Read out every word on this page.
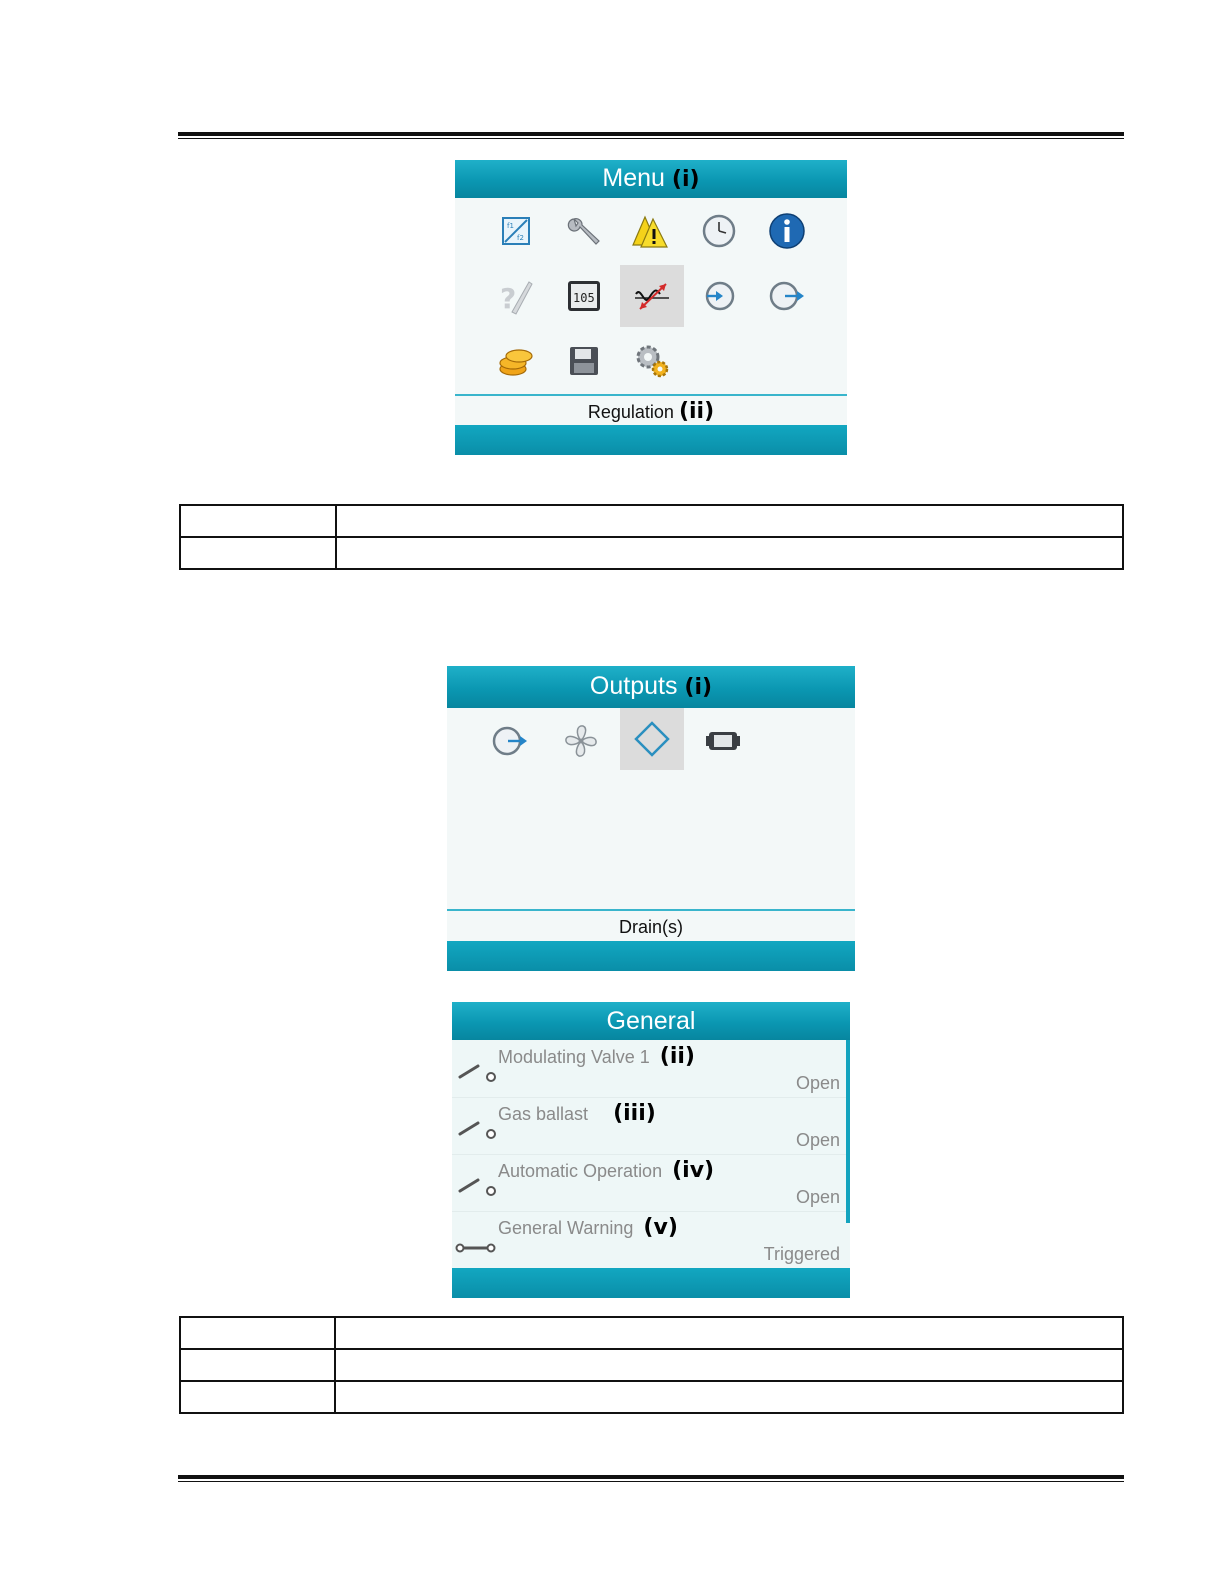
Menu (i)
f1
f2
?	105
Regulation (ii)

Outputs (i)
Drain(s)
General
Modulating Valve 1 (ii)
Open
Gas ballast (iii)
Open
Automatic Operation (iv)
Open
General Warning (v)
Triggered
